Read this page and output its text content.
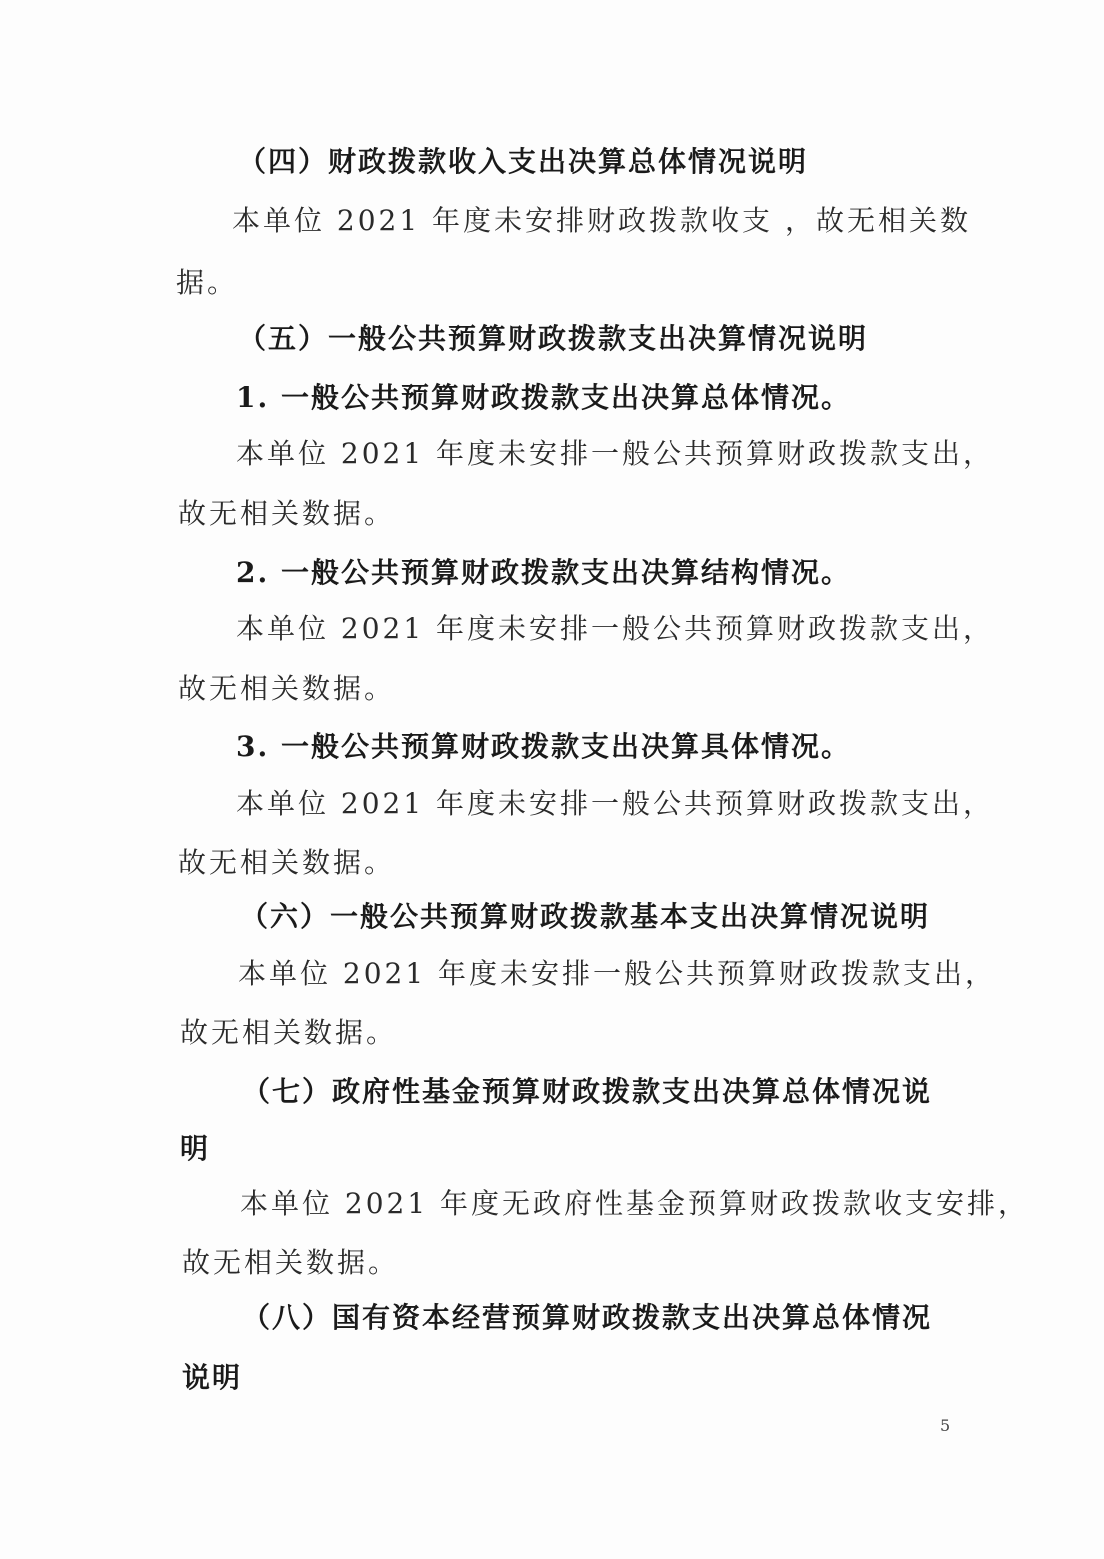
（四）财政拨款收入支出决算总体情况说明
本单位 2021 年度未安排财政拨款收支 ，故无相关数
据。
（五）一般公共预算财政拨款支出决算情况说明
1. 一般公共预算财政拨款支出决算总体情况。
本单位 2021 年度未安排一般公共预算财政拨款支出，
故无相关数据。
2. 一般公共预算财政拨款支出决算结构情况。
本单位 2021 年度未安排一般公共预算财政拨款支出，
故无相关数据。
3. 一般公共预算财政拨款支出决算具体情况。
本单位 2021 年度未安排一般公共预算财政拨款支出，
故无相关数据。
（六）一般公共预算财政拨款基本支出决算情况说明
本单位 2021 年度未安排一般公共预算财政拨款支出，
故无相关数据。
（七）政府性基金预算财政拨款支出决算总体情况说
明
本单位 2021 年度无政府性基金预算财政拨款收支安排，
故无相关数据。
（八）国有资本经营预算财政拨款支出决算总体情况
说明
5
